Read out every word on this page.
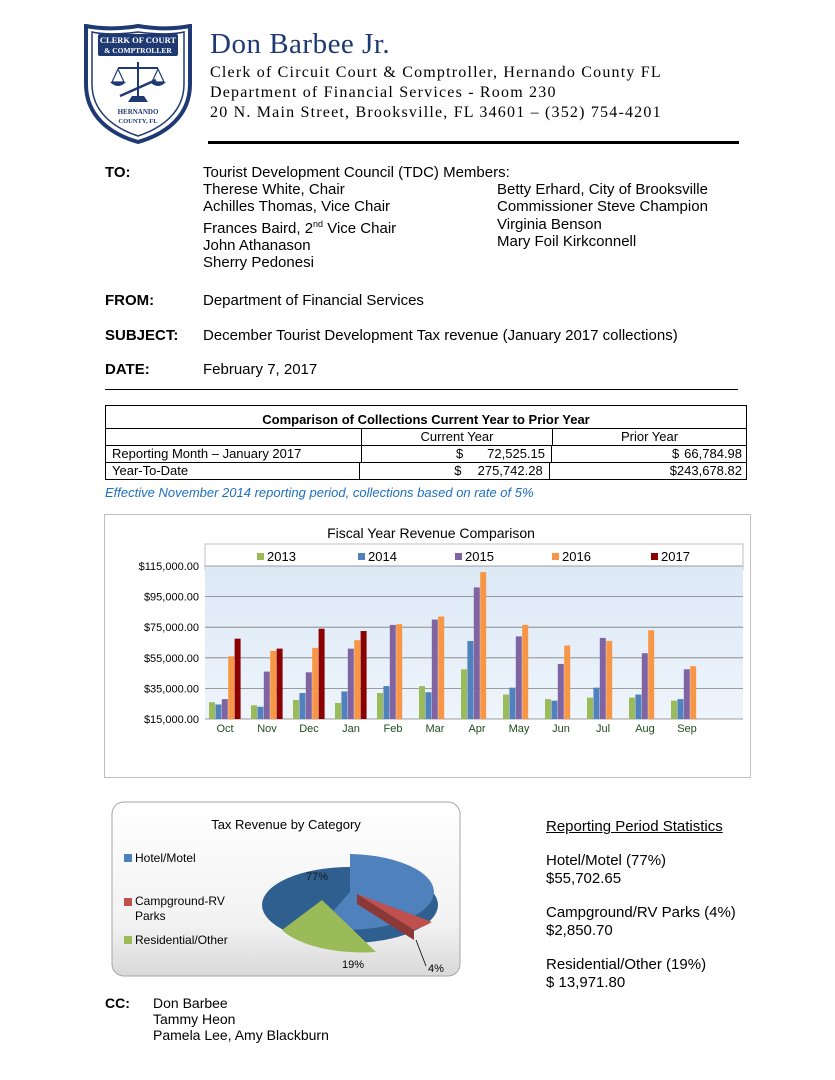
CLERK OF COURT
& COMPTROLLER
HERNANDO
COUNTY, FL
Don Barbee Jr.
Clerk of Circuit Court & Comptroller, Hernando County FL
Department of Financial Services - Room 230
20 N. Main Street, Brooksville, FL 34601 – (352) 754-4201
TO:	Tourist Development Council (TDC) Members:
Therese White, Chair
Achilles Thomas, Vice Chair
Frances Baird, 2nd Vice Chair
John Athanason
Sherry Pedonesi
Betty Erhard, City of Brooksville
Commissioner Steve Champion
Virginia Benson
Mary Foil Kirkconnell
FROM:	Department of Financial Services
SUBJECT: December Tourist Development Tax revenue (January 2017 collections)
DATE:	February 7, 2017
Comparison of Collections Current Year to Prior Year
Current Year	Prior Year
Reporting Month – January 2017	$ 72,525.15	$ 66,784.98
Year-To-Date	$ 275,742.28	$ 243,678.82
Effective November 2014 reporting period, collections based on rate of 5%
Fiscal Year Revenue Comparison
2013	2014	2015	2016	2017
$115,000.00
$95,000.00
$75,000.00
$55,000.00
$35,000.00
$15,000.00
Oct Nov Dec Jan Feb Mar Apr May Jun Jul Aug Sep
Tax Revenue by Category
Hotel/Motel
Campground-RV Parks
Residential/Other
77%
19%	4%
Reporting Period Statistics
Hotel/Motel (77%)
$55,702.65
Campground/RV Parks (4%)
$2,850.70
Residential/Other (19%)
$ 13,971.80
CC: Don Barbee
Tammy Heon
Pamela Lee, Amy Blackburn
